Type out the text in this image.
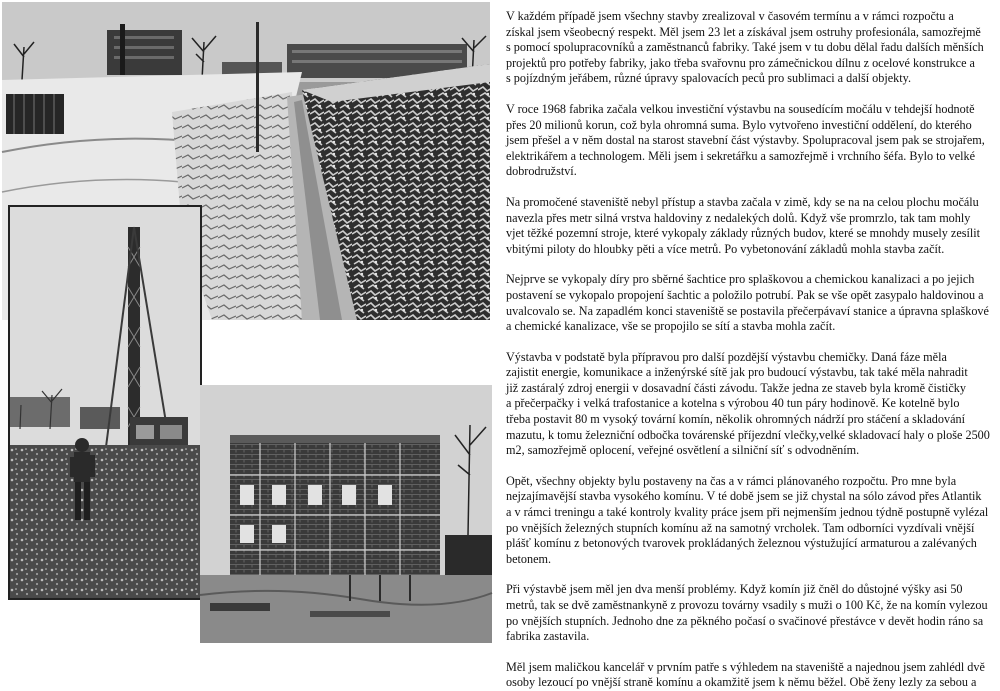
V každém případě jsem všechny stavby zrealizoval v časovém termínu a v rámci rozpočtu a
získal jsem všeobecný respekt. Měl jsem 23 let a získával jsem ostruhy profesionála, samozřejmě
s pomocí spolupracovníků a zaměstnanců fabriky. Také jsem v tu dobu dělal řadu dalších měnších
projektů pro potřeby fabriky, jako třeba svařovnu pro zámečnickou dílnu z ocelové konstrukce a
s pojízdným jeřábem, různé úpravy spalovacích peců pro sublimaci a další objekty.

V roce 1968 fabrika začala velkou investiční výstavbu na sousedícím močálu v tehdejší hodnotě
přes 20 milionů korun, což byla ohromná suma. Bylo vytvořeno investiční oddělení, do kterého
jsem přešel a v něm dostal na starost stavební část výstavby. Spolupracoval jsem pak se strojařem,
elektrikářem a technologem. Měli jsem i sekretářku a samozřejmě i vrchního šéfa. Bylo to velké
dobrodružství.

Na promočené staveniště nebyl přístup a stavba začala v zimě, kdy se na na celou plochu močálu
navezla přes metr silná vrstva haldoviny z nedalekých dolů. Když vše promrzlo, tak tam mohly
vjet těžké pozemní stroje, které vykopaly základy různých budov, které se mnohdy musely zesílit
vbitými piloty do hloubky pěti a více metrů. Po vybetonování základů mohla stavba začít.

Nejprve se vykopaly díry pro sběrné šachtice pro splaškovou a chemickou kanalizaci a po jejich
postavení se vykopalo propojení šachtic a položilo potrubí. Pak se vše opět zasypalo haldovinou a
uvalcovalo se. Na zapadlém konci staveniště se postavila přečerpávaví stanice a úpravna splaškové
a chemické kanalizace, vše se propojilo se sítí a stavba mohla začít.

Výstavba v podstatě byla přípravou pro další pozdější výstavbu chemičky. Daná fáze měla
zajistit energie, komunikace a inženýrské sítě jak pro budoucí výstavbu, tak také měla nahradit
již zastáralý zdroj energii v dosavadní části závodu. Takže jedna ze staveb byla kromě čističky
a přečerpačky i velká trafostanice a kotelna s výrobou 40 tun páry hodinově. Ke kotelně bylo
třeba postavit 80 m vysoký tovární komín, několik ohromných nádrží pro stáčení a skladování
mazutu, k tomu železniční odbočka továrenské příjezdní vlečky,velké skladovací haly o ploše 2500
m2, samozřejmě oplocení, veřejné osvětlení a silniční síť s odvodněním.

Opět, všechny objekty bylu postaveny na čas a v rámci plánovaného rozpočtu. Pro mne byla
nejzajímavější stavba vysokého komínu. V té době jsem se již chystal na sólo závod přes Atlantik
a v rámci treningu a také kontroly kvality práce jsem při nejmenším jednou týdně postupně vylézal
po vnějších železných stupních komínu až na samotný vrcholek. Tam odborníci vyzdívali vnější
plášť komínu z betonových tvarovek prokládaných železnou výstužující armaturou a zalévaných
betonem.

Při výstavbě jsem měl jen dva menší problémy. Když komín již čněl do důstojné výšky asi 50
metrů, tak se dvě zaměstnankyně z provozu továrny vsadily s muži o 100 Kč, že na komín vylezou
po vnějších stupních. Jednoho dne za pěkného počasí o svačinové přestávce v devět hodin ráno sa
fabrika zastavila.

Měl jsem maličkou kancelář v prvním patře s výhledem na staveniště a najednou jsem zahlédl dvě
osoby lezoucí po vnější straně komínu a okamžitě jsem k němu běžel. Obě ženy lezly za sebou a
